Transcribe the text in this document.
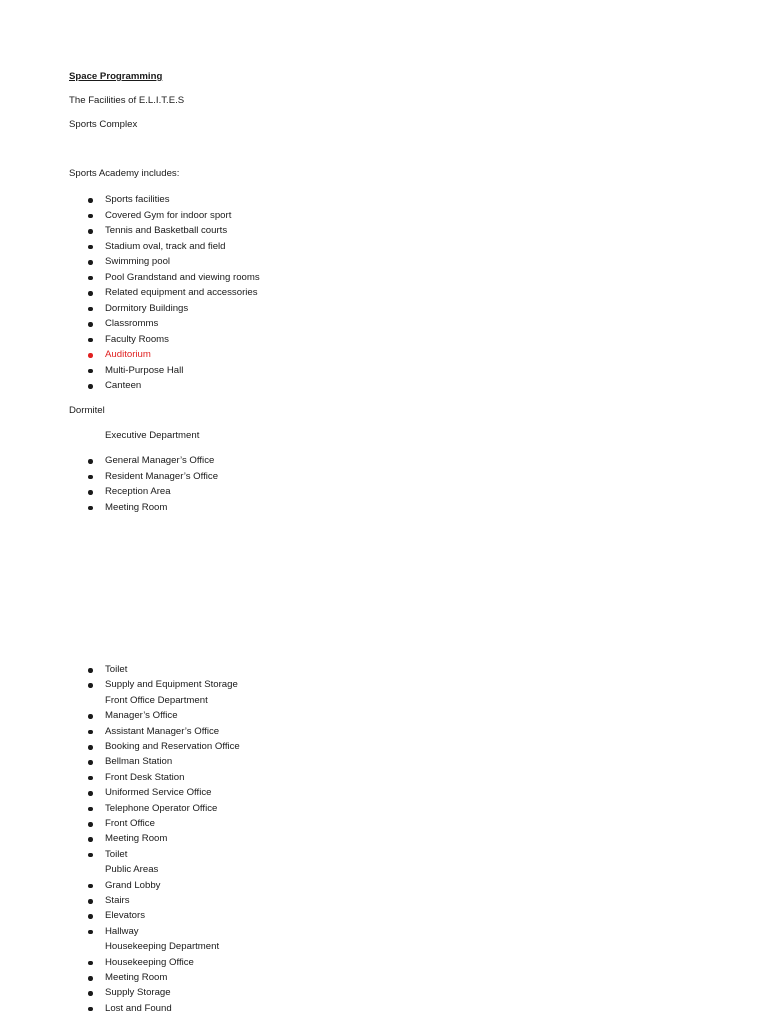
Space Programming
The Facilities of E.L.I.T.E.S
Sports Complex
Sports Academy includes:
Sports facilities
Covered Gym for indoor sport
Tennis and Basketball courts
Stadium oval, track and field
Swimming pool
Pool Grandstand and viewing rooms
Related equipment and accessories
Dormitory Buildings
Classromms
Faculty Rooms
Auditorium
Multi-Purpose Hall
Canteen
Dormitel
Executive Department
General Manager’s Office
Resident Manager’s Office
Reception Area
Meeting Room
Toilet
Supply and Equipment Storage
Front Office Department
Manager’s Office
Assistant Manager’s Office
Booking and Reservation Office
Bellman Station
Front Desk Station
Uniformed Service Office
Telephone Operator Office
Front Office
Meeting Room
Toilet
Public Areas
Grand Lobby
Stairs
Elevators
Hallway
Housekeeping Department
Housekeeping Office
Meeting Room
Supply Storage
Lost and Found
